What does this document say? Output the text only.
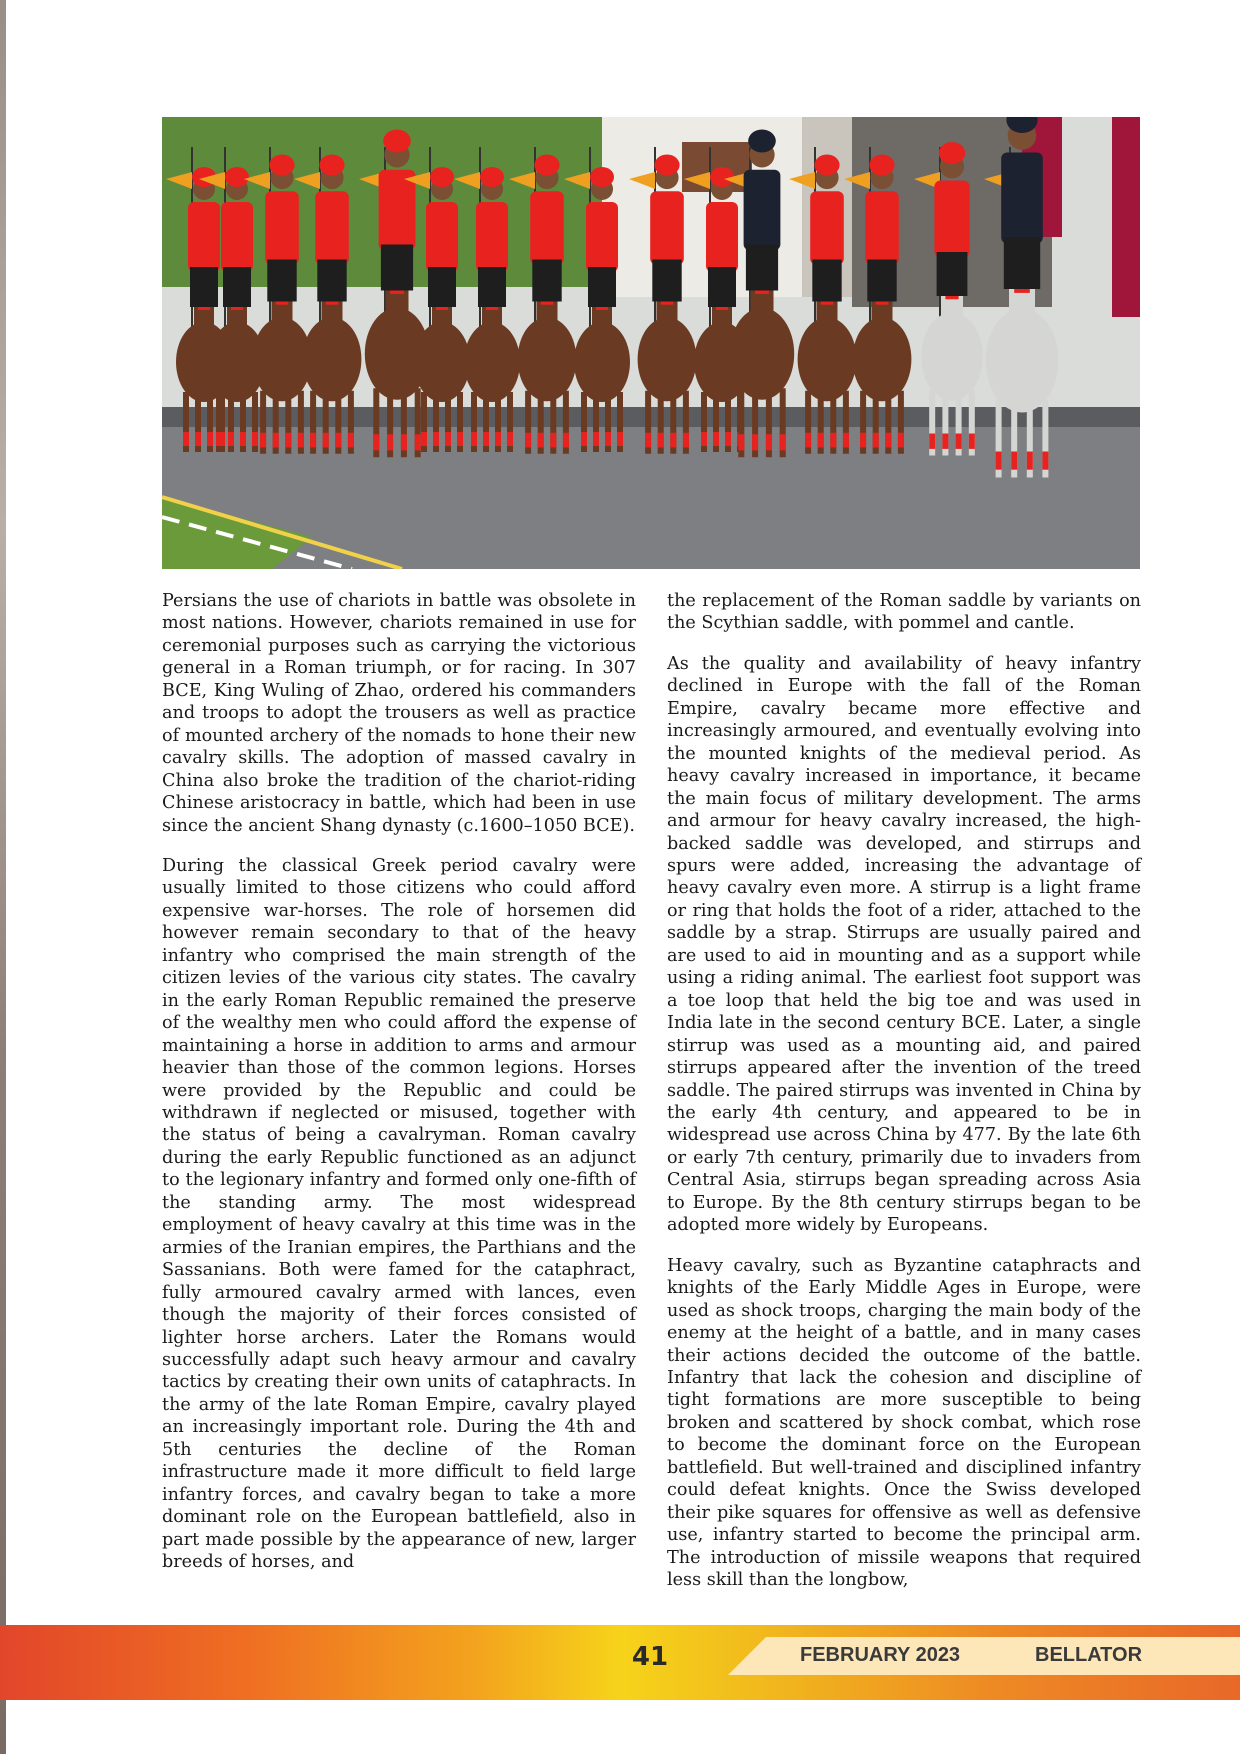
Persians the use of chariots in battle was obsolete in most nations. However, chariots remained in use for ceremonial purposes such as carrying the victorious general in a Roman triumph, or for racing. In 307 BCE, King Wuling of Zhao, ordered his commanders and troops to adopt the trousers as well as practice of mounted archery of the nomads to hone their new cavalry skills. The adoption of massed cavalry in China also broke the tradition of the chariot-riding Chinese aristocracy in battle, which had been in use since the ancient Shang dynasty (c.1600–1050 BCE).

During the classical Greek period cavalry were usually limited to those citizens who could afford expensive war-horses. The role of horsemen did however remain secondary to that of the heavy infantry who comprised the main strength of the citizen levies of the various city states. The cavalry in the early Roman Republic remained the preserve of the wealthy men who could afford the expense of maintaining a horse in addition to arms and armour heavier than those of the common legions. Horses were provided by the Republic and could be withdrawn if neglected or misused, together with the status of being a cavalryman. Roman cavalry during the early Republic functioned as an adjunct to the legionary infantry and formed only one-fifth of the standing army. The most widespread employment of heavy cavalry at this time was in the armies of the Iranian empires, the Parthians and the Sassanians. Both were famed for the cataphract, fully armoured cavalry armed with lances, even though the majority of their forces consisted of lighter horse archers. Later the Romans would successfully adapt such heavy armour and cavalry tactics by creating their own units of cataphracts. In the army of the late Roman Empire, cavalry played an increasingly important role. During the 4th and 5th centuries the decline of the Roman infrastructure made it more difficult to field large infantry forces, and cavalry began to take a more dominant role on the European battlefield, also in part made possible by the appearance of new, larger breeds of horses, and

the replacement of the Roman saddle by variants on the Scythian saddle, with pommel and cantle.

As the quality and availability of heavy infantry declined in Europe with the fall of the Roman Empire, cavalry became more effective and increasingly armoured, and eventually evolving into the mounted knights of the medieval period. As heavy cavalry increased in importance, it became the main focus of military development. The arms and armour for heavy cavalry increased, the high-backed saddle was developed, and stirrups and spurs were added, increasing the advantage of heavy cavalry even more. A stirrup is a light frame or ring that holds the foot of a rider, attached to the saddle by a strap. Stirrups are usually paired and are used to aid in mounting and as a support while using a riding animal. The earliest foot support was a toe loop that held the big toe and was used in India late in the second century BCE. Later, a single stirrup was used as a mounting aid, and paired stirrups appeared after the invention of the treed saddle. The paired stirrups was invented in China by the early 4th century, and appeared to be in widespread use across China by 477. By the late 6th or early 7th century, primarily due to invaders from Central Asia, stirrups began spreading across Asia to Europe. By the 8th century stirrups began to be adopted more widely by Europeans.

Heavy cavalry, such as Byzantine cataphracts and knights of the Early Middle Ages in Europe, were used as shock troops, charging the main body of the enemy at the height of a battle, and in many cases their actions decided the outcome of the battle. Infantry that lack the cohesion and discipline of tight formations are more susceptible to being broken and scattered by shock combat, which rose to become the dominant force on the European battlefield. But well-trained and disciplined infantry could defeat knights. Once the Swiss developed their pike squares for offensive as well as defensive use, infantry started to become the principal arm. The introduction of missile weapons that required less skill than the longbow,

41	FEBRUARY 2023	BELLATOR
